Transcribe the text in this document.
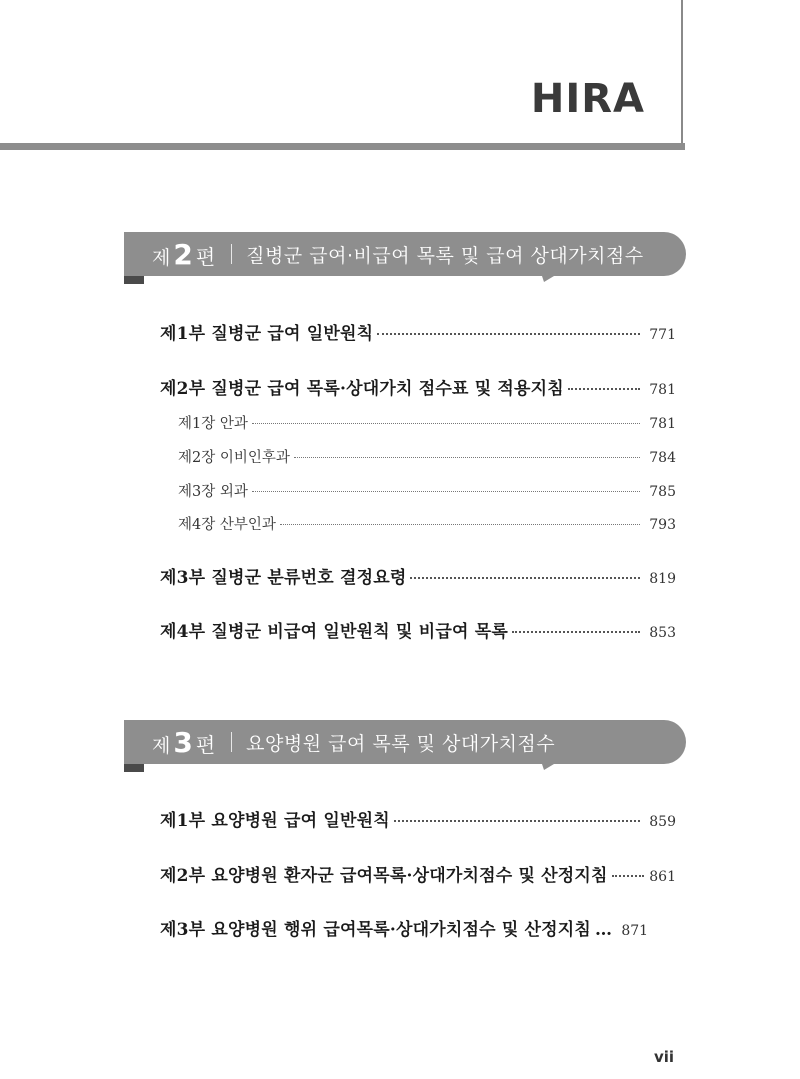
HIRA
제 2 편 질병군 급여·비급여 목록 및 급여 상대가치점수
제1부 질병군 급여 일반원칙	771
제2부 질병군 급여 목록·상대가치 점수표 및 적용지침	781
제1장 안과	781
제2장 이비인후과	784
제3장 외과	785
제4장 산부인과	793
제3부 질병군 분류번호 결정요령	819
제4부 질병군 비급여 일반원칙 및 비급여 목록	853
제 3 편 요양병원 급여 목록 및 상대가치점수
제1부 요양병원 급여 일반원칙	859
제2부 요양병원 환자군 급여목록·상대가치점수 및 산정지침	861
제3부 요양병원 행위 급여목록·상대가치점수 및 산정지침 … 871
vii
